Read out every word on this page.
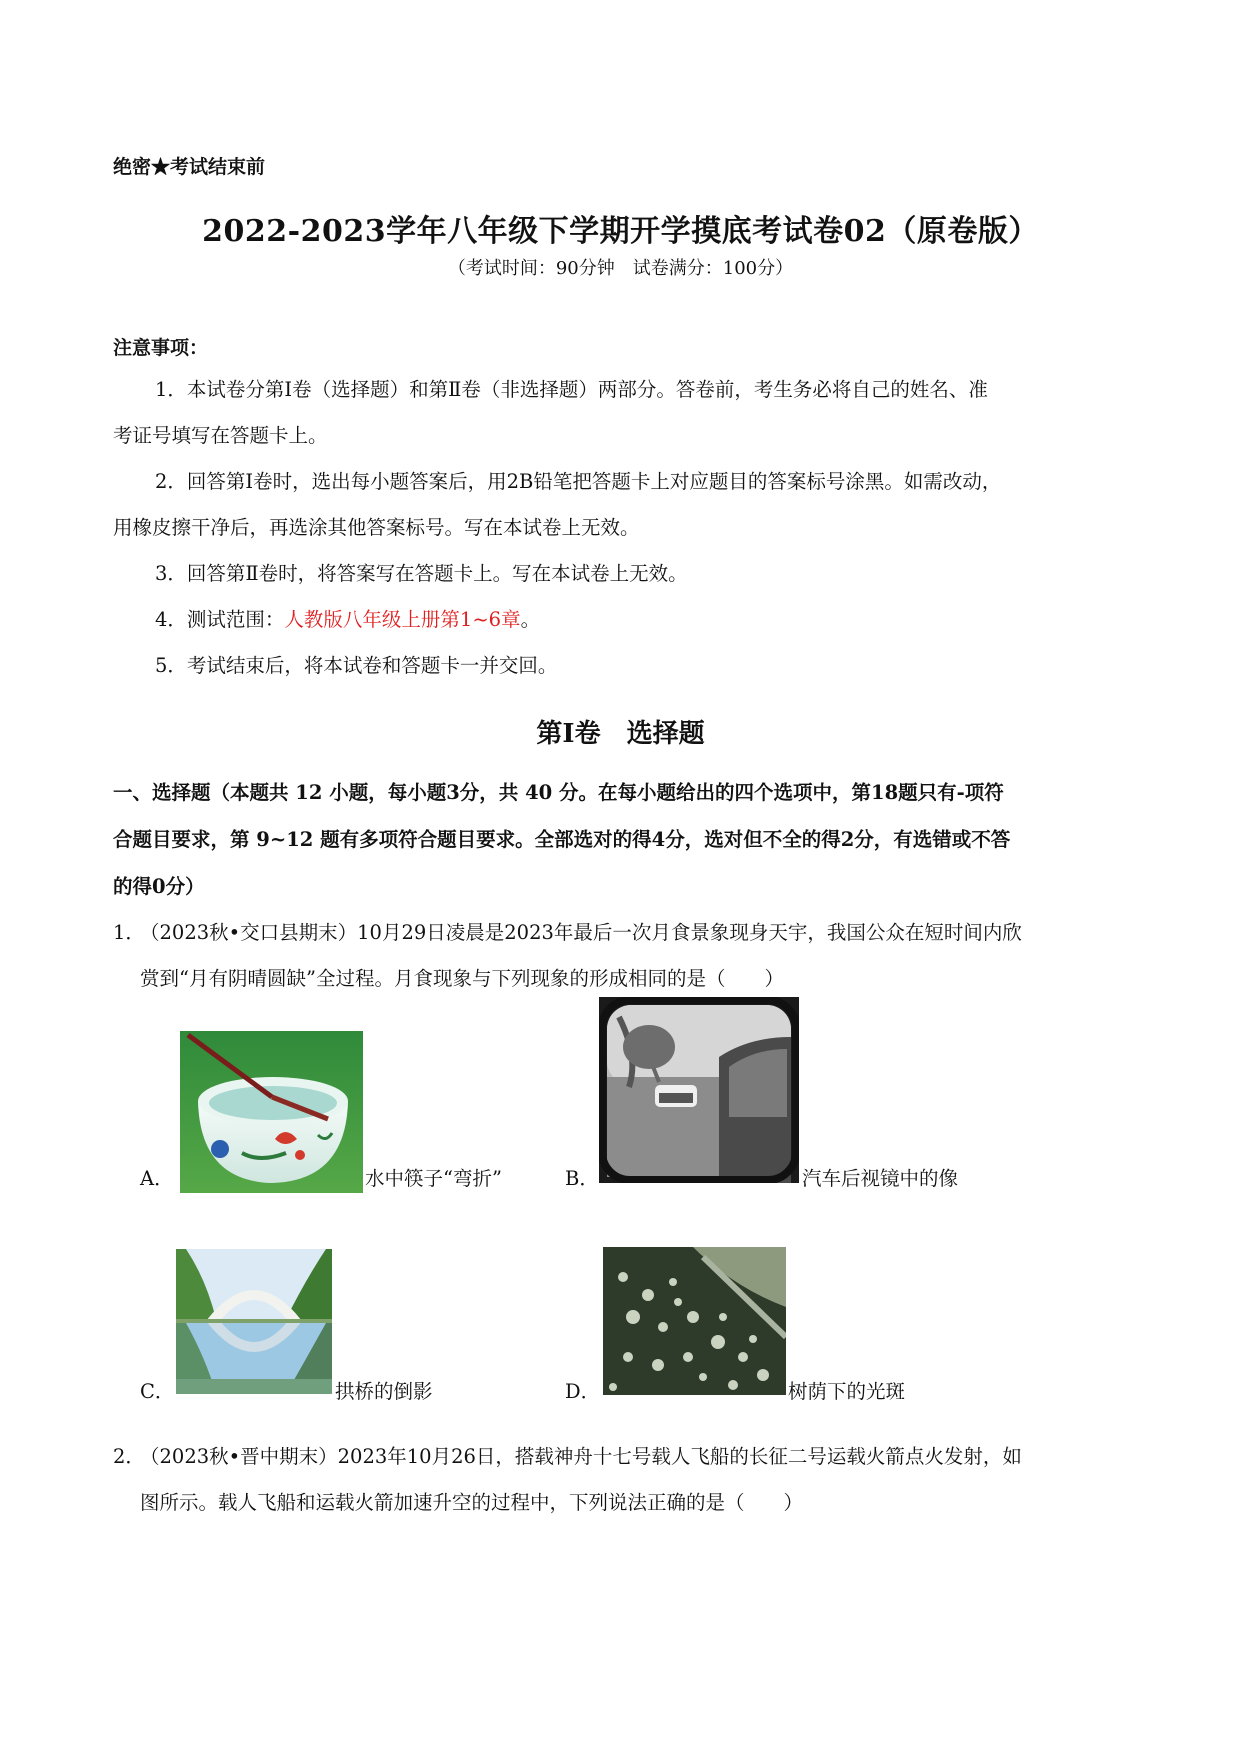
绝密★考试结束前
2022-2023学年八年级下学期开学摸底考试卷02（原卷版）
（考试时间：90分钟　试卷满分：100分）
注意事项：
1．本试卷分第Ⅰ卷（选择题）和第Ⅱ卷（非选择题）两部分。答卷前，考生务必将自己的姓名、准
考证号填写在答题卡上。
2．回答第Ⅰ卷时，选出每小题答案后，用2B铅笔把答题卡上对应题目的答案标号涂黑。如需改动，
用橡皮擦干净后，再选涂其他答案标号。写在本试卷上无效。
3．回答第Ⅱ卷时，将答案写在答题卡上。写在本试卷上无效。
4．测试范围：人教版八年级上册第1~6章。
5．考试结束后，将本试卷和答题卡一并交回。
第Ⅰ卷　选择题
一、选择题（本题共 12 小题，每小题3分，共 40 分。在每小题给出的四个选项中，第18题只有-项符
合题目要求，第 9~12 题有多项符合题目要求。全部选对的得4分，选对但不全的得2分，有选错或不答
的得0分）
1．
（2023秋•交口县期末）10月29日凌晨是2023年最后一次月食景象现身天宇，我国公众在短时间内欣
赏到“月有阴晴圆缺”全过程。月食现象与下列现象的形成相同的是（　　）
A．	水中筷子“弯折”	B．	汽车后视镜中的像
C．	拱桥的倒影	D．	树荫下的光斑
2．
（2023秋•晋中期末）2023年10月26日，搭载神舟十七号载人飞船的长征二号运载火箭点火发射，如
图所示。载人飞船和运载火箭加速升空的过程中，下列说法正确的是（　　）
